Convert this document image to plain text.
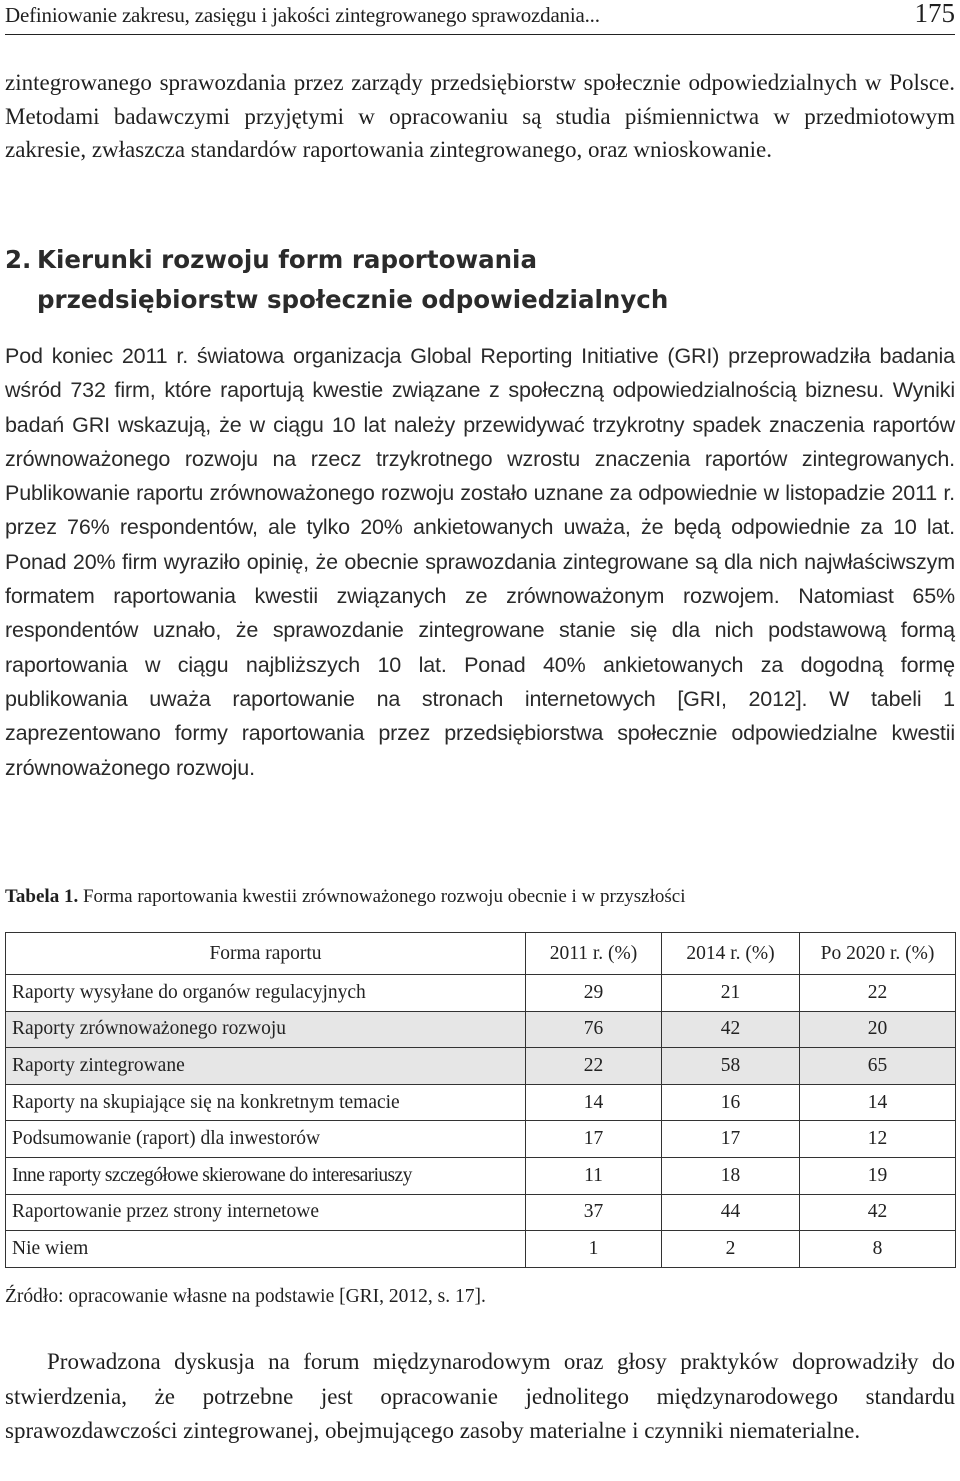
Definiowanie zakresu, zasięgu i jakości zintegrowanego sprawozdania...	175

zintegrowanego sprawozdania przez zarządy przedsiębiorstw społecznie odpowiedzialnych w Polsce. Metodami badawczymi przyjętymi w opracowaniu są studia piśmiennictwa w przedmiotowym zakresie, zwłaszcza standardów raportowania zintegrowanego, oraz wnioskowanie.

2. Kierunki rozwoju form raportowania
przedsiębiorstw społecznie odpowiedzialnych

Pod koniec 2011 r. światowa organizacja Global Reporting Initiative (GRI) przeprowadziła badania wśród 732 firm, które raportują kwestie związane z społeczną odpowiedzialnością biznesu. Wyniki badań GRI wskazują, że w ciągu 10 lat należy przewidywać trzykrotny spadek znaczenia raportów zrównoważonego rozwoju na rzecz trzykrotnego wzrostu znaczenia raportów zintegrowanych. Publikowanie raportu zrównoważonego rozwoju zostało uznane za odpowiednie w listopadzie 2011 r. przez 76% respondentów, ale tylko 20% ankietowanych uważa, że będą odpowiednie za 10 lat. Ponad 20% firm wyraziło opinię, że obecnie sprawozdania zintegrowane są dla nich najwłaściwszym formatem raportowania kwestii związanych ze zrównoważonym rozwojem. Natomiast 65% respondentów uznało, że sprawozdanie zintegrowane stanie się dla nich podstawową formą raportowania w ciągu najbliższych 10 lat. Ponad 40% ankietowanych za dogodną formę publikowania uważa raportowanie na stronach internetowych [GRI, 2012]. W tabeli 1 zaprezentowano formy raportowania przez przedsiębiorstwa społecznie odpowiedzialne kwestii zrównoważonego rozwoju.

Tabela 1. Forma raportowania kwestii zrównoważonego rozwoju obecnie i w przyszłości

Forma raportu	2011 r. (%)	2014 r. (%)	Po 2020 r. (%)
Raporty wysyłane do organów regulacyjnych	29	21	22
Raporty zrównoważonego rozwoju	76	42	20
Raporty zintegrowane	22	58	65
Raporty na skupiające się na konkretnym temacie	14	16	14
Podsumowanie (raport) dla inwestorów	17	17	12
Inne raporty szczegółowe skierowane do interesariuszy	11	18	19
Raportowanie przez strony internetowe	37	44	42
Nie wiem	1	2	8

Źródło: opracowanie własne na podstawie [GRI, 2012, s. 17].

Prowadzona dyskusja na forum międzynarodowym oraz głosy praktyków doprowadziły do stwierdzenia, że potrzebne jest opracowanie jednolitego międzynarodowego standardu sprawozdawczości zintegrowanej, obejmującego zasoby materialne i czynniki niematerialne.
